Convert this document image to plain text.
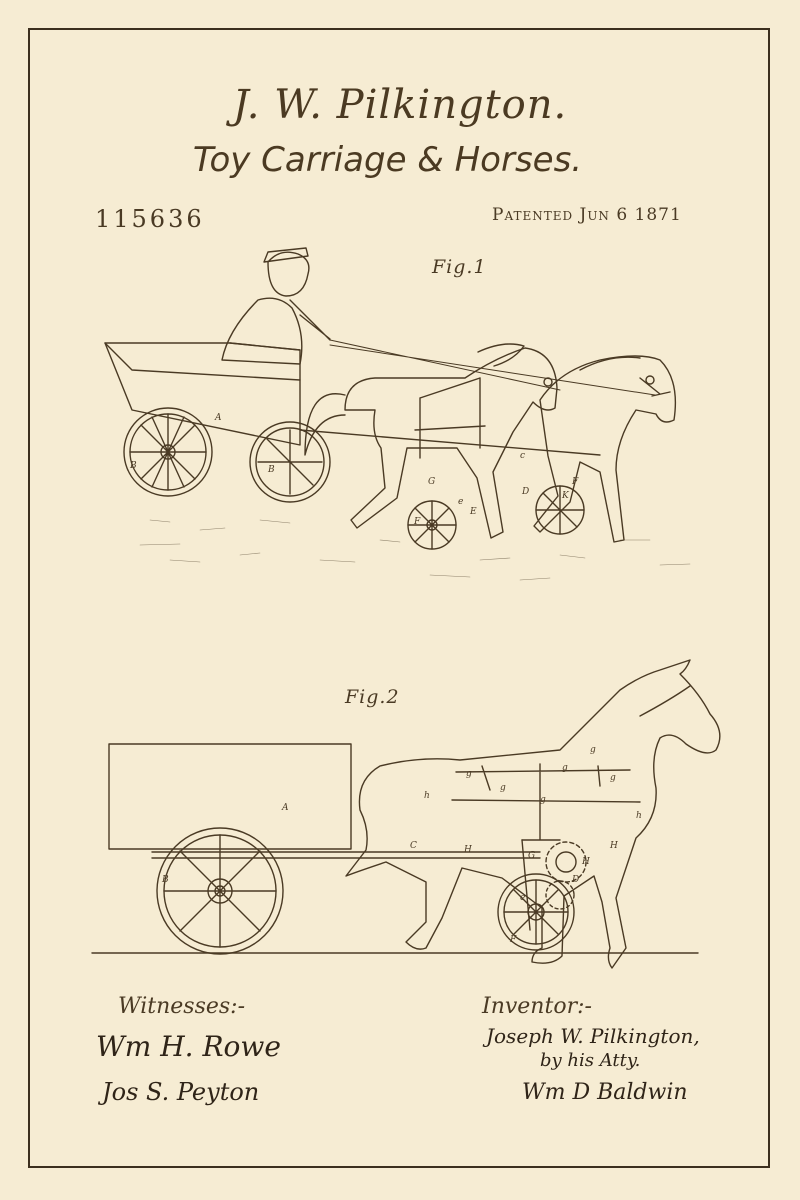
J. W. Pilkington.
Toy Carriage & Horses.
115636	Patented Jun 6 1871
Fig.1
Fig.2
A
B	B
c
D
G
F
e
E
K
F
A
B
C	H	H
h
g
g
g
g
g
g
G
h
F
D
H
e
Witnesses:-	Inventor:-
Wm H. Rowe
Jos S. Peyton
Joseph W. Pilkington,
by his Atty.
Wm D Baldwin
